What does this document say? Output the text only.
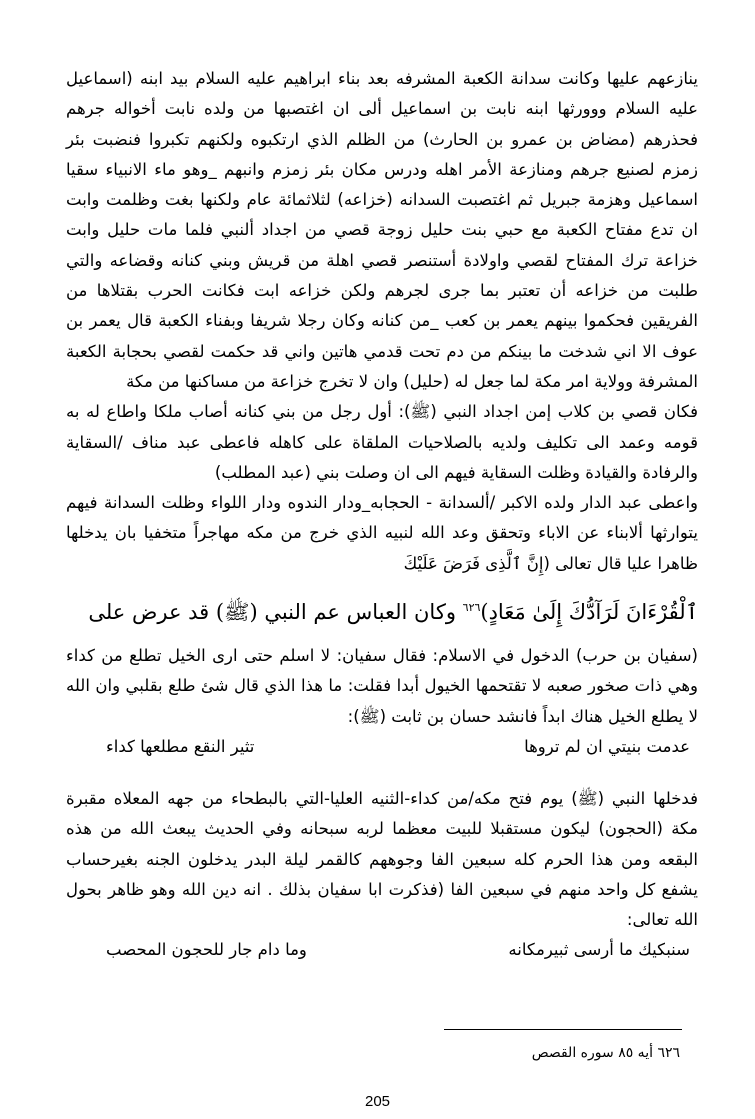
ينازعهم عليها وكانت سدانة الكعبة المشرفه بعد بناء ابراهيم عليه السلام بيد ابنه (اسماعيل عليه السلام ووورثها ابنه نابت بن اسماعيل ألى ان اغتصبها من ولده نابت أخواله جرهم فحذرهم (مضاض بن عمرو بن الحارث) من الظلم الذي ارتكبوه ولكنهم تكبروا فنضبت بئر زمزم لصنيع جرهم ومنازعة الأمر اهله ودرس مكان بئر زمزم وانبهم _وهو ماء الانبياء سقيا اسماعيل وهزمة جبريل ثم اغتصبت السدانه (خزاعه) لثلاثمائة عام ولكنها بغت وظلمت وابت ان تدع مفتاح الكعبة مع حبي بنت حليل زوجة قصي من اجداد ألنبي فلما مات حليل وابت خزاعة ترك المفتاح لقصي واولادة أستنصر قصي اهلة من قريش وبني كنانه وقضاعه والتي طلبت من خزاعه أن تعتبر بما جرى لجرهم ولكن خزاعه ابت فكانت الحرب بقتلاها من الفريقين فحكموا بينهم يعمر بن كعب _من كنانه وكان رجلا شريفا وبفناء الكعبة قال يعمر بن عوف الا اني شدخت ما بينكم من دم تحت قدمي هاتين واني قد حكمت لقصي بحجابة الكعبة المشرفة وولاية امر مكة لما جعل له (حليل) وان لا تخرج خزاعة من مساكنها من مكة

فكان قصي بن كلاب إمن اجداد النبي (ﷺ): أول رجل من بني كنانه أصاب ملكا واطاع له به قومه وعمد الى تكليف ولديه بالصلاحيات الملقاة على كاهله فاعطى عبد مناف /السقاية والرفادة والقيادة وظلت السقاية فيهم الى ان وصلت بني (عبد المطلب)

واعطى عبد الدار ولده الاكبر /ألسدانة - الحجابه_ودار الندوه ودار اللواء وظلت السدانة فيهم يتوارثها ألابناء عن الاباء وتحقق وعد الله لنبيه الذي خرج من مكه مهاجراً متخفيا بان يدخلها ظاهرا عليا قال تعالى (إِنَّ ٱلَّذِى فَرَضَ عَلَيْكَ

ٱلْقُرْءَانَ لَرَآدُّكَ إِلَىٰ مَعَادٍ)$^{٦٢٦}$ وكان العباس عم النبي (ﷺ) قد عرض على

(سفيان بن حرب) الدخول في الاسلام: فقال سفيان: لا اسلم حتى ارى الخيل تطلع من كداء وهي ذات صخور صعبه لا تقتحمها الخيول أبدا فقلت: ما هذا الذي قال شئ طلع بقلبي وان الله لا يطلع الخيل هناك ابداً فانشد حسان بن ثابت (ﷺ):

عدمت بنيتي ان لم تروها
تثير النقع مطلعها كداء

فدخلها النبي (ﷺ) يوم فتح مكه/من كداء-الثنيه العليا-التي بالبطحاء من جهه المعلاه مقبرة مكة (الحجون) ليكون مستقبلا للبيت معظما لربه سبحانه وفي الحديث يبعث الله من هذه البقعه ومن هذا الحرم كله سبعين الفا وجوههم كالقمر ليلة البدر يدخلون الجنه بغيرحساب يشفع كل واحد منهم في سبعين الفا (فذكرت ابا سفيان بذلك . انه دين الله وهو ظاهر بحول الله تعالى:

سنبكيك ما أرسى ثبيرمكانه
وما دام جار للحجون المحصب
٦٢٦ أيه ٨٥ سوره القصص
205
